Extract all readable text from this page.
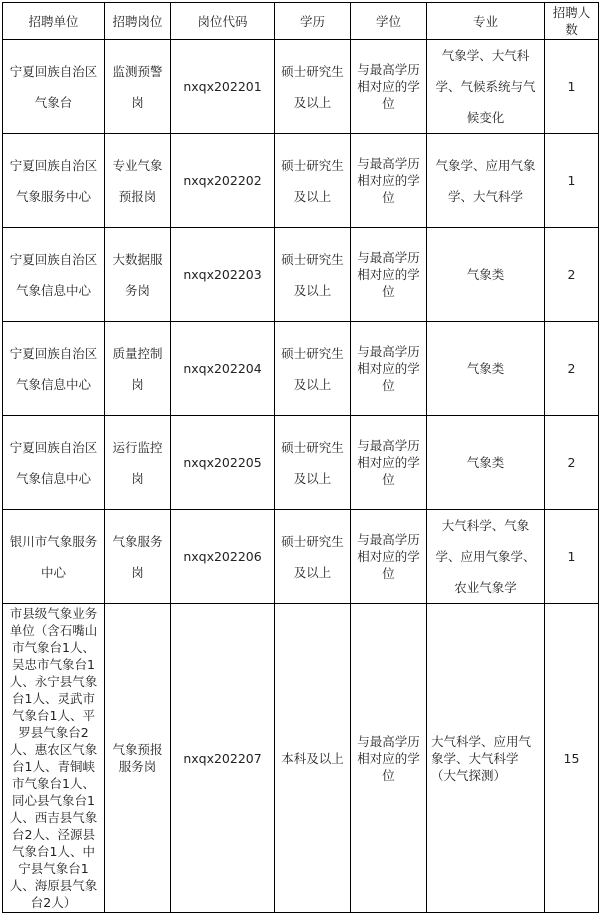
招聘单位	招聘岗位	岗位代码	学历	学位	专业	招聘人数
宁夏回族自治区气象台	监测预警岗	nxqx202201	硕士研究生及以上	与最高学历相对应的学位	气象学、大气科学、气候系统与气候变化	1
宁夏回族自治区气象服务中心	专业气象预报岗	nxqx202202	硕士研究生及以上	与最高学历相对应的学位	气象学、应用气象学、大气科学	1
宁夏回族自治区气象信息中心	大数据服务岗	nxqx202203	硕士研究生及以上	与最高学历相对应的学位	气象类	2
宁夏回族自治区气象信息中心	质量控制岗	nxqx202204	硕士研究生及以上	与最高学历相对应的学位	气象类	2
宁夏回族自治区气象信息中心	运行监控岗	nxqx202205	硕士研究生及以上	与最高学历相对应的学位	气象类	2
银川市气象服务中心	气象服务岗	nxqx202206	硕士研究生及以上	与最高学历相对应的学位	大气科学、气象学、应用气象学、农业气象学	1
市县级气象业务单位（含石嘴山市气象台1人、吴忠市气象台1人、永宁县气象台1人、灵武市气象台1人、平罗县气象台2人、惠农区气象台1人、青铜峡市气象台1人、同心县气象台1人、西吉县气象台2人、泾源县气象台1人、中宁县气象台1人、海原县气象台2人）	气象预报服务岗	nxqx202207	本科及以上	与最高学历相对应的学位	大气科学、应用气象学、大气科学（大气探测）	15
